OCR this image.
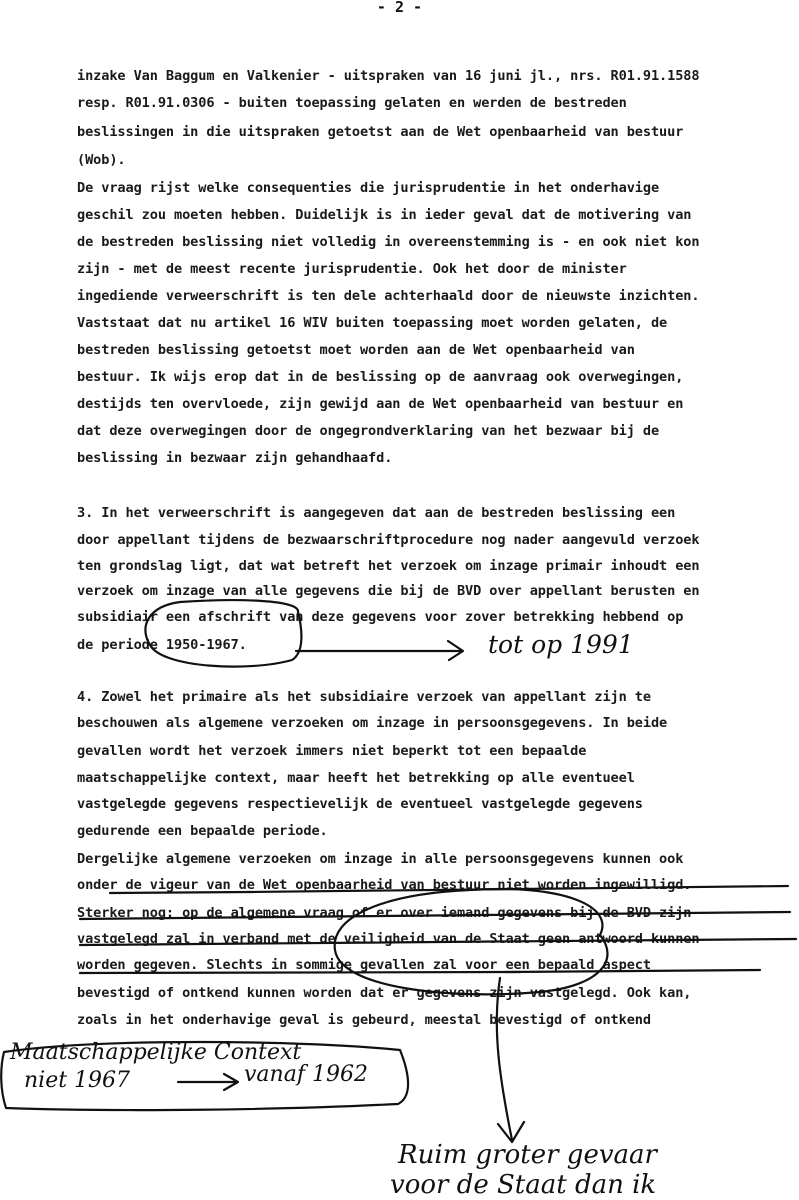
- 2 -
inzake Van Baggum en Valkenier - uitspraken van 16 juni jl., nrs. R01.91.1588
resp. R01.91.0306 - buiten toepassing gelaten en werden de bestreden
beslissingen in die uitspraken getoetst aan de Wet openbaarheid van bestuur
(Wob).
De vraag rijst welke consequenties die jurisprudentie in het onderhavige
geschil zou moeten hebben. Duidelijk is in ieder geval dat de motivering van
de bestreden beslissing niet volledig in overeenstemming is - en ook niet kon
zijn - met de meest recente jurisprudentie. Ook het door de minister
ingediende verweerschrift is ten dele achterhaald door de nieuwste inzichten.
Vaststaat dat nu artikel 16 WIV buiten toepassing moet worden gelaten, de
bestreden beslissing getoetst moet worden aan de Wet openbaarheid van
bestuur. Ik wijs erop dat in de beslissing op de aanvraag ook overwegingen,
destijds ten overvloede, zijn gewijd aan de Wet openbaarheid van bestuur en
dat deze overwegingen door de ongegrondverklaring van het bezwaar bij de
beslissing in bezwaar zijn gehandhaafd.
3. In het verweerschrift is aangegeven dat aan de bestreden beslissing een
door appellant tijdens de bezwaarschriftprocedure nog nader aangevuld verzoek
ten grondslag ligt, dat wat betreft het verzoek om inzage primair inhoudt een
verzoek om inzage van alle gegevens die bij de BVD over appellant berusten en
subsidiair een afschrift van deze gegevens voor zover betrekking hebbend op
de periode 1950-1967.
4. Zowel het primaire als het subsidiaire verzoek van appellant zijn te
beschouwen als algemene verzoeken om inzage in persoonsgegevens. In beide
gevallen wordt het verzoek immers niet beperkt tot een bepaalde
maatschappelijke context, maar heeft het betrekking op alle eventueel
vastgelegde gegevens respectievelijk de eventueel vastgelegde gegevens
gedurende een bepaalde periode.
Dergelijke algemene verzoeken om inzage in alle persoonsgegevens kunnen ook
onder de vigeur van de Wet openbaarheid van bestuur niet worden ingewilligd.
Sterker nog: op de algemene vraag of er over iemand gegevens bij de BVD zijn
vastgelegd zal in verband met de veiligheid van de Staat geen antwoord kunnen
worden gegeven. Slechts in sommige gevallen zal voor een bepaald aspect
bevestigd of ontkend kunnen worden dat er gegevens zijn vastgelegd. Ook kan,
zoals in het onderhavige geval is gebeurd, meestal bevestigd of ontkend
tot op 1991
Maatschappelijke Context
niet 1967	vanaf 1962
Ruim groter gevaar
voor de Staat dan ik
